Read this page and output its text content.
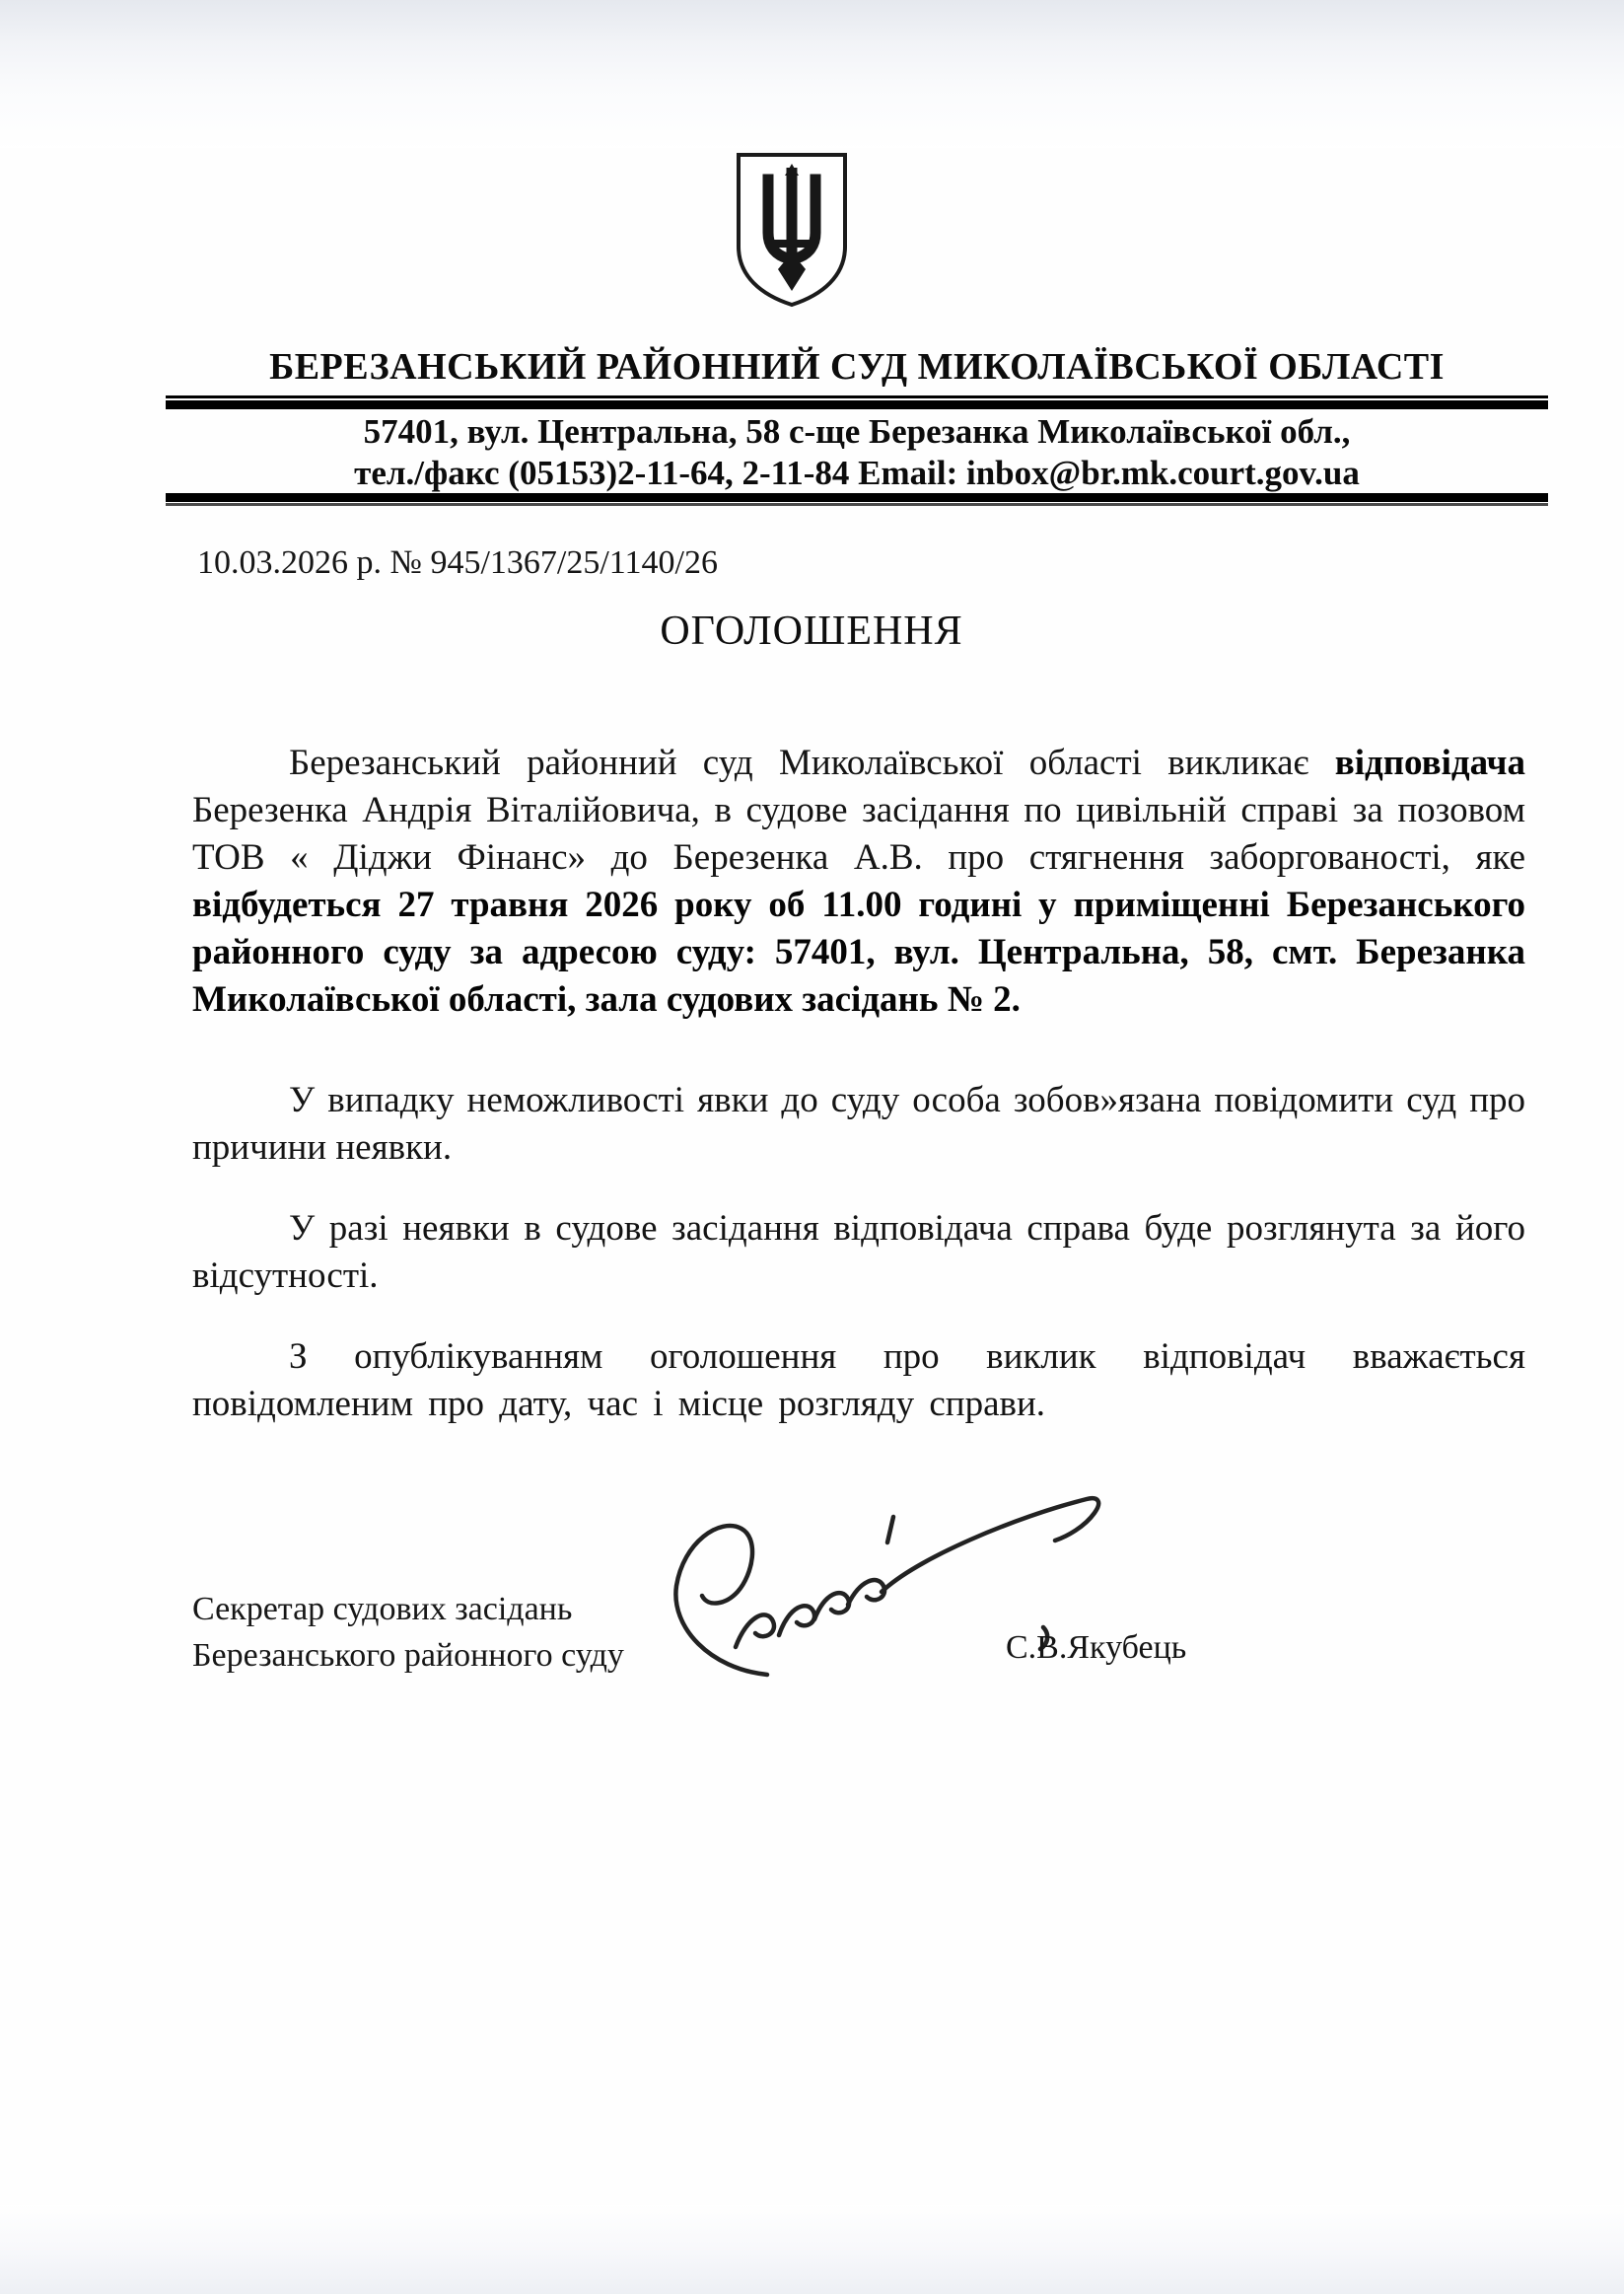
БЕРЕЗАНСЬКИЙ РАЙОННИЙ СУД МИКОЛАЇВСЬКОЇ ОБЛАСТІ
57401, вул. Центральна, 58 с-ще Березанка Миколаївської обл.,
тел./факс (05153)2-11-64, 2-11-84 Email: inbox@br.mk.court.gov.ua
10.03.2026 р. № 945/1367/25/1140/26
ОГОЛОШЕННЯ
Березанський районний суд Миколаївської області викликає відповідача Березенка Андрія Віталійовича, в судове засідання по цивільній справі за позовом ТОВ « Діджи Фінанс» до Березенка А.В. про стягнення заборгованості, яке відбудеться 27 травня 2026 року об 11.00 годині у приміщенні Березанського районного суду за адресою суду: 57401, вул. Центральна, 58, смт. Березанка Миколаївської області, зала судових засідань № 2.
У випадку неможливості явки до суду особа зобов»язана повідомити суд про причини неявки.
У разі неявки в судове засідання відповідача справа буде розглянута за його відсутності.
З опублікуванням оголошення про виклик відповідач вважається повідомленим про дату, час і місце розгляду справи.
Секретар судових засідань
Березанського районного суду	С.В.Якубець
